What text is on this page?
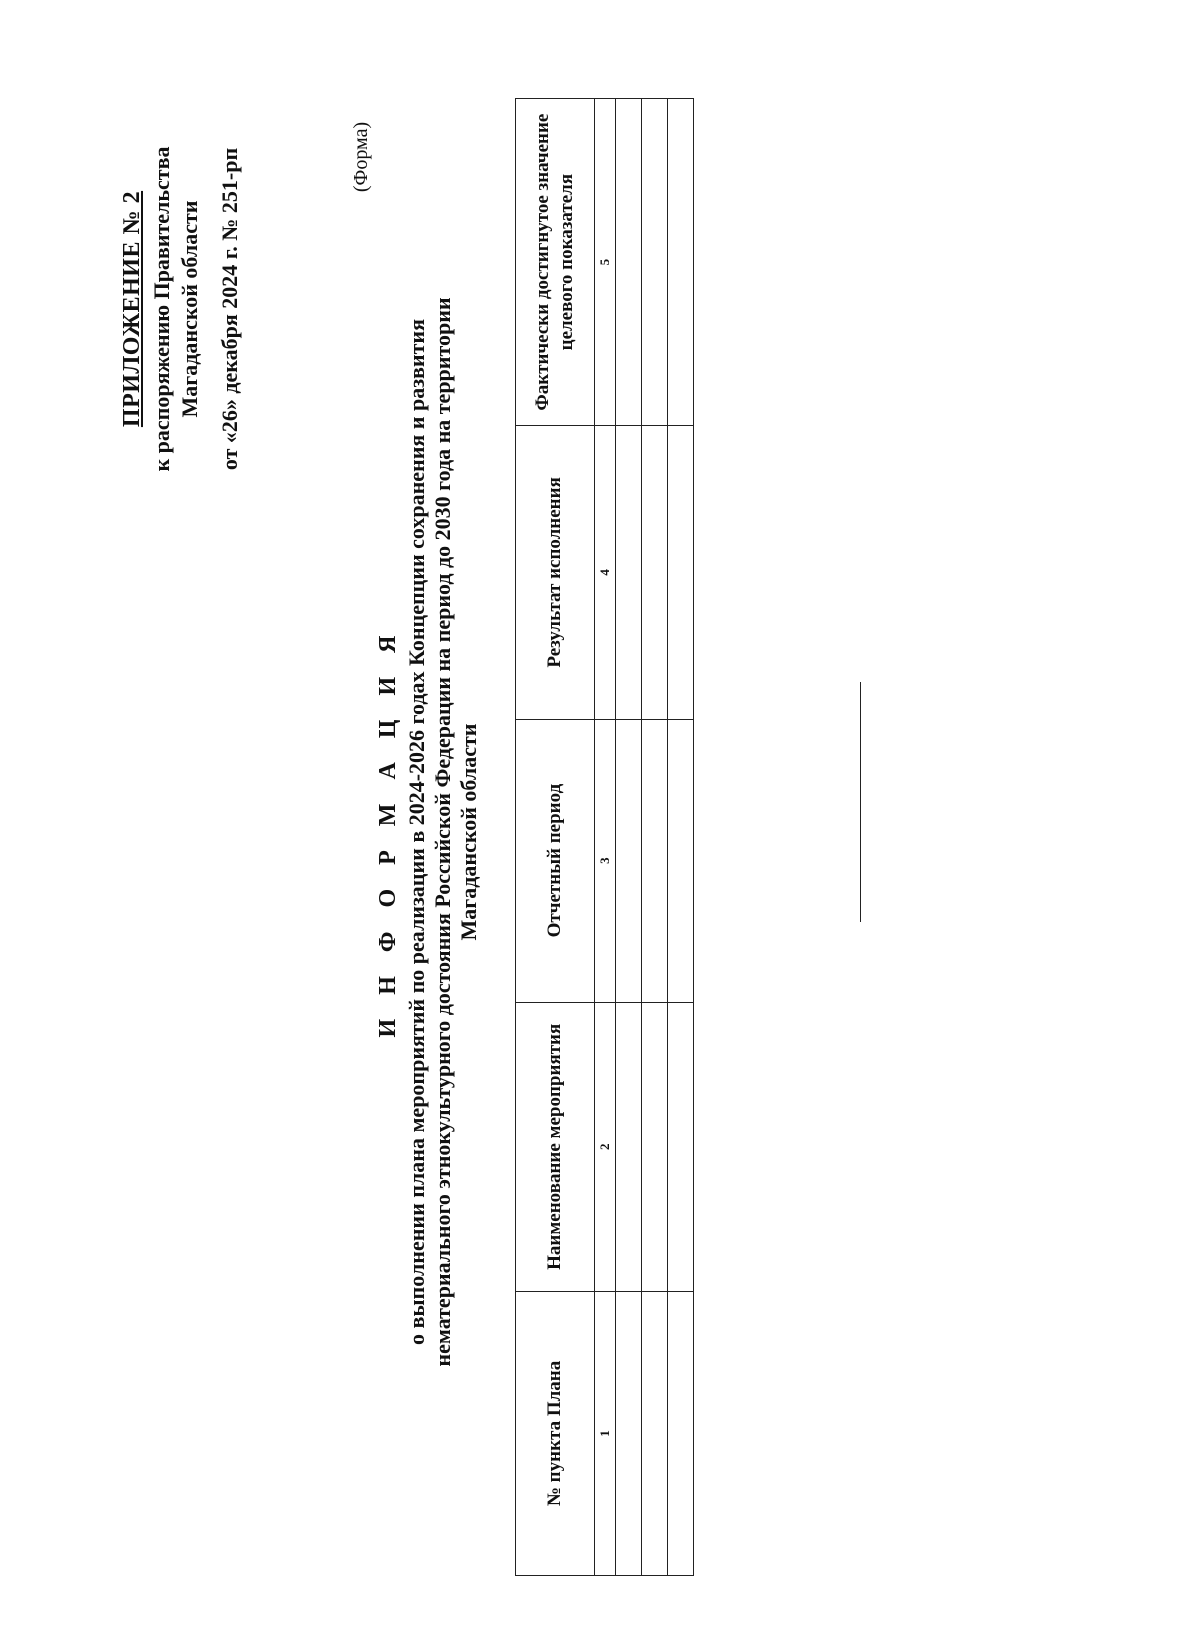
ПРИЛОЖЕНИЕ № 2 к распоряжению Правительства Магаданской области от «26» декабря 2024 г. № 251-рп	(Форма)
И Н Ф О Р М А Ц И Я о выполнении плана мероприятий по реализации в 2024-2026 годах Концепции сохранения и развития нематериального этнокультурного достояния Российской Федерации на период до 2030 года на территории Магаданской области
№ пункта Плана	Наименование мероприятия	Отчетный период	Результат исполнения	Фактически достигнутое значение целевого показателя
1	2	3	4	5
